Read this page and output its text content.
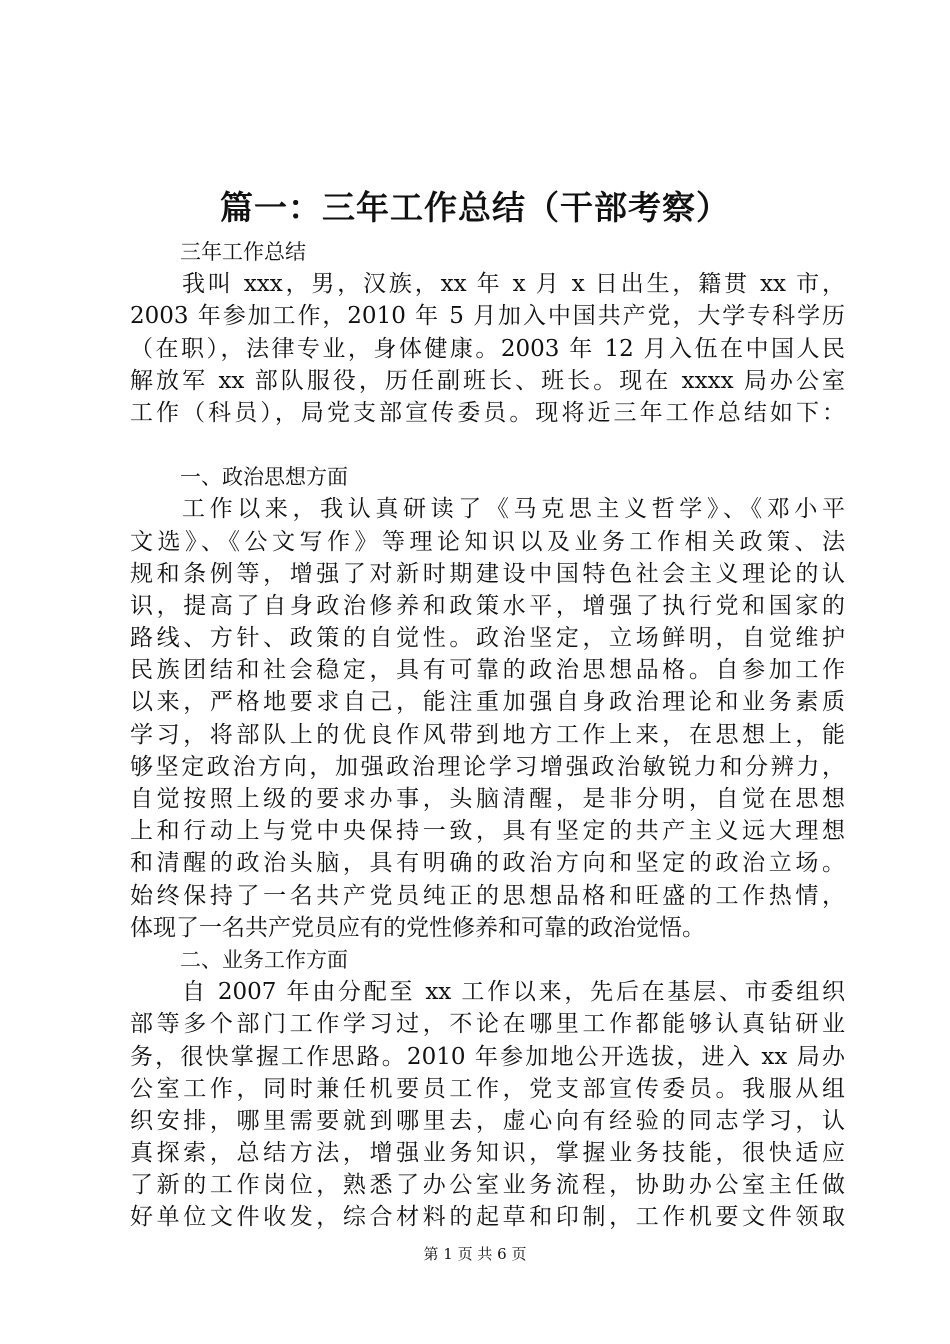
篇一：三年工作总结（干部考察）
三年工作总结
我叫 xxx，男，汉族，xx 年 x 月 x 日出生，籍贯 xx 市，
2003 年参加工作，2010 年 5 月加入中国共产党，大学专科学历
（在职），法律专业，身体健康。2003 年 12 月入伍在中国人民
解放军 xx 部队服役，历任副班长、班长。现在 xxxx 局办公室
工作（科员），局党支部宣传委员。现将近三年工作总结如下：
一、政治思想方面
工作以来，我认真研读了《马克思主义哲学》、《邓小平
文选》、《公文写作》等理论知识以及业务工作相关政策、法
规和条例等，增强了对新时期建设中国特色社会主义理论的认
识，提高了自身政治修养和政策水平，增强了执行党和国家的
路线、方针、政策的自觉性。政治坚定，立场鲜明，自觉维护
民族团结和社会稳定，具有可靠的政治思想品格。自参加工作
以来，严格地要求自己，能注重加强自身政治理论和业务素质
学习，将部队上的优良作风带到地方工作上来，在思想上，能
够坚定政治方向，加强政治理论学习增强政治敏锐力和分辨力，
自觉按照上级的要求办事，头脑清醒，是非分明，自觉在思想
上和行动上与党中央保持一致，具有坚定的共产主义远大理想
和清醒的政治头脑，具有明确的政治方向和坚定的政治立场。
始终保持了一名共产党员纯正的思想品格和旺盛的工作热情，
体现了一名共产党员应有的党性修养和可靠的政治觉悟。
二、业务工作方面
自 2007 年由分配至 xx 工作以来，先后在基层、市委组织
部等多个部门工作学习过，不论在哪里工作都能够认真钻研业
务，很快掌握工作思路。2010 年参加地公开选拔，进入 xx 局办
公室工作，同时兼任机要员工作，党支部宣传委员。我服从组
织安排，哪里需要就到哪里去，虚心向有经验的同志学习，认
真探索，总结方法，增强业务知识，掌握业务技能，很快适应
了新的工作岗位，熟悉了办公室业务流程，协助办公室主任做
好单位文件收发，综合材料的起草和印制，工作机要文件领取
第 1 页 共 6 页
